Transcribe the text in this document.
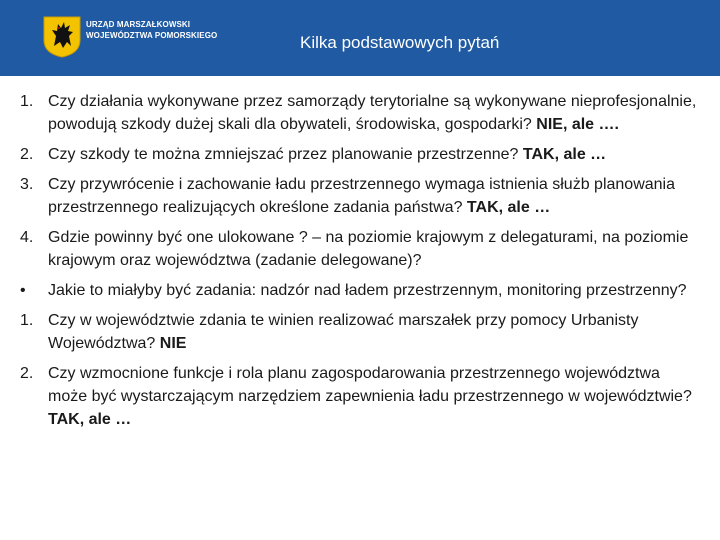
URZĄD MARSZAŁKOWSKI
WOJEWÓDZTWA POMORSKIEGO	Kilka podstawowych pytań
1. Czy działania wykonywane przez samorządy terytorialne są wykonywane nieprofesjonalnie, powodują szkody dużej skali dla obywateli, środowiska, gospodarki? NIE, ale ….
2. Czy szkody te można zmniejszać przez planowanie przestrzenne? TAK, ale …
3. Czy przywrócenie i zachowanie ładu przestrzennego wymaga istnienia służb planowania przestrzennego realizujących określone zadania państwa? TAK, ale …
4. Gdzie powinny być one ulokowane ? – na poziomie krajowym z delegaturami, na poziomie krajowym oraz województwa (zadanie delegowane)?
•	Jakie to miałyby być zadania: nadzór nad ładem przestrzennym, monitoring przestrzenny?
1. Czy w województwie zdania te winien realizować marszałek przy pomocy Urbanisty Województwa? NIE
2. Czy wzmocnione funkcje i rola planu zagospodarowania przestrzennego województwa może być wystarczającym narzędziem zapewnienia ładu przestrzennego w województwie? TAK, ale …
